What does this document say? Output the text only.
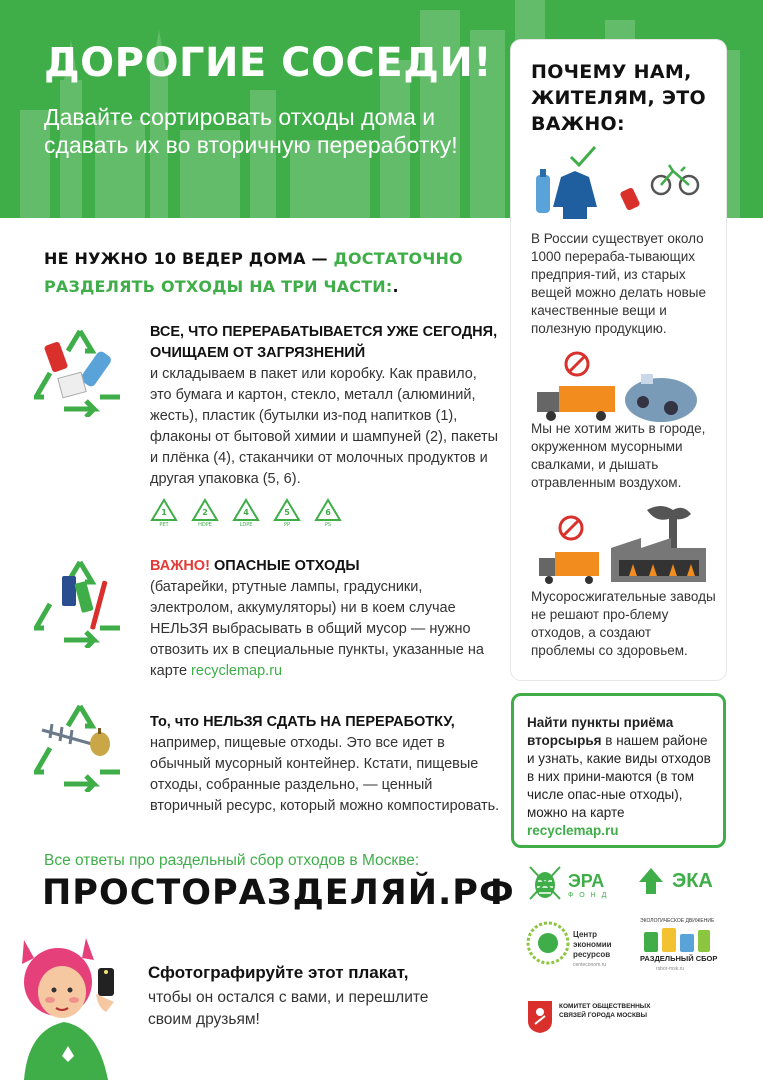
ДОРОГИЕ СОСЕДИ!
Давайте сортировать отходы дома и сдавать их во вторичную переработку!
ПОЧЕМУ НАМ, ЖИТЕЛЯМ, ЭТО ВАЖНО:
В России существует около 1000 перераба-тывающих предприя-тий, из старых вещей можно делать новые качественные вещи и полезную продукцию.
Мы не хотим жить в городе, окруженном мусорными свалками, и дышать отравленным воздухом.
Мусоросжигательные заводы не решают про-блему отходов, а создают проблемы со здоровьем.
Найти пункты приёма вторсырья в нашем районе и узнать, какие виды отходов в них прини-маются (в том числе опас-ные отходы), можно на карте recyclemap.ru
НЕ НУЖНО 10 ВЕДЕР ДОМА — ДОСТАТОЧНО РАЗДЕЛЯТЬ ОТХОДЫ НА ТРИ ЧАСТИ:.
ВСЕ, ЧТО ПЕРЕРАБАТЫВАЕТСЯ УЖЕ СЕГОДНЯ, ОЧИЩАЕМ ОТ ЗАГРЯЗНЕНИЙ
и складываем в пакет или коробку. Как правило, это бумага и картон, стекло, металл (алюминий, жесть), пластик (бутылки из-под напитков (1), флаконы от бытовой химии и шампуней (2), пакеты и плёнка (4), стаканчики от молочных продуктов и другая упаковка (5, 6).
1
PET
2
HDPE
4
LDPE
5
PP
6
PS
ВАЖНО! ОПАСНЫЕ ОТХОДЫ
(батарейки, ртутные лампы, градусники, электролом, аккумуляторы) ни в коем случае НЕЛЬЗЯ выбрасывать в общий мусор — нужно отвозить их в специальные пункты, указанные на карте recyclemap.ru
То, что НЕЛЬЗЯ СДАТЬ НА ПЕРЕРАБОТКУ,
например, пищевые отходы. Это все идет в обычный мусорный контейнер. Кстати, пищевые отходы, собранные раздельно, — ценный вторичный ресурс, который можно компостировать.
Все ответы про раздельный сбор отходов в Москве:
ПРОСТОРАЗДЕЛЯЙ.РФ
Сфотографируйте этот плакат,
чтобы он остался с вами, и перешлите своим друзьям!
ЭРА
Ф О Н Д
ЭКА
Центр экономии ресурсов
centeconom.ru
ЭКОЛОГИЧЕСКОЕ ДВИЖЕНИЕ
РАЗДЕЛЬНЫЙ СБОР
rsbor-msk.ru
КОМИТЕТ ОБЩЕСТВЕННЫХ СВЯЗЕЙ ГОРОДА МОСКВЫ
